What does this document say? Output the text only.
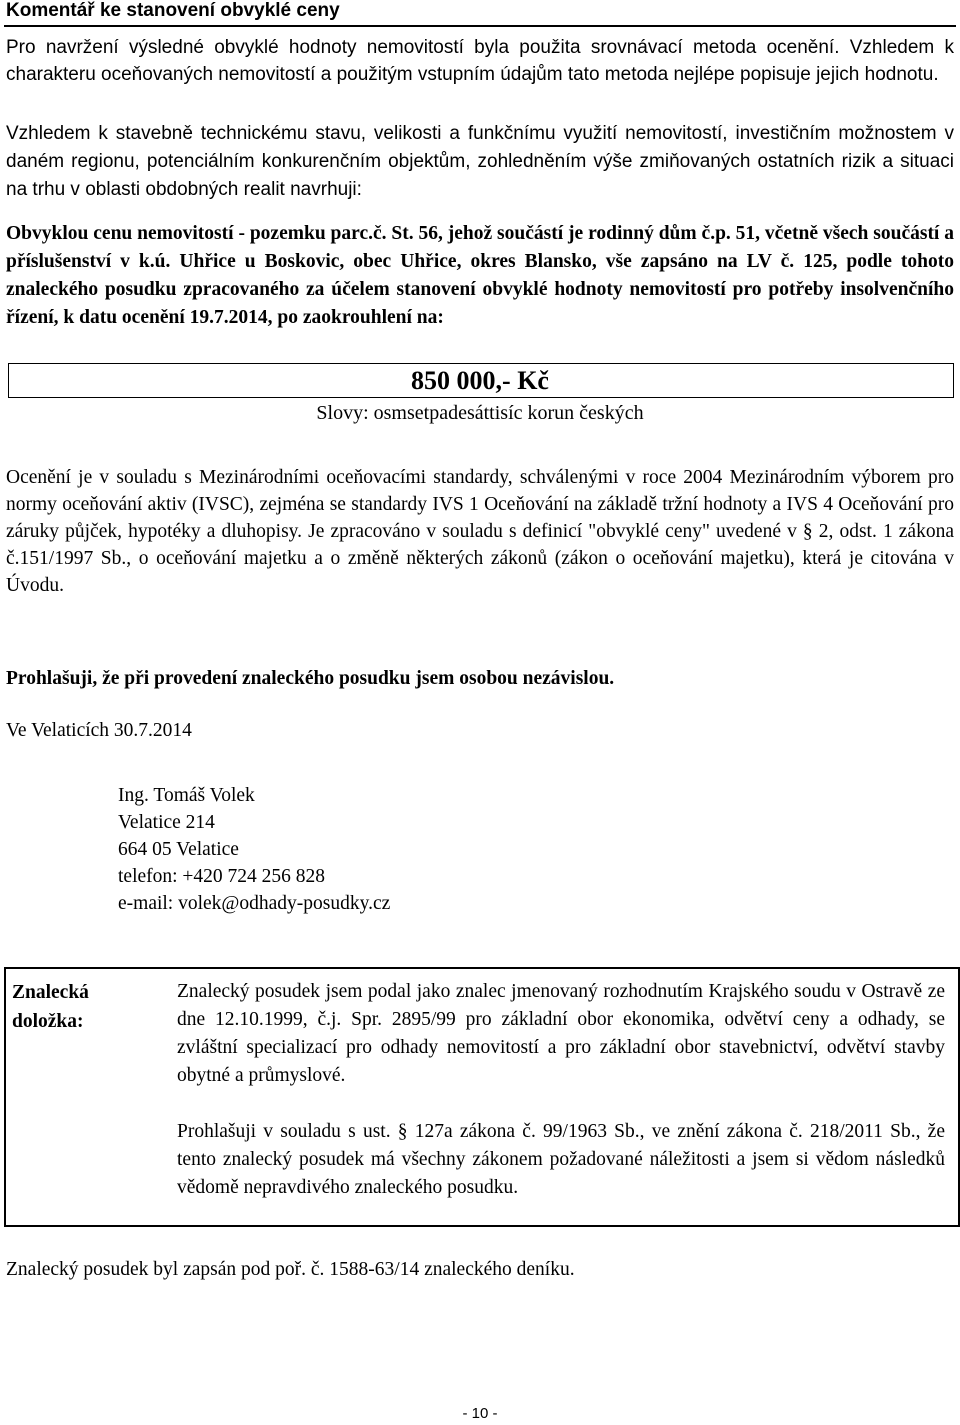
Komentář ke stanovení obvyklé ceny
Pro navržení výsledné obvyklé hodnoty nemovitostí byla použita srovnávací metoda ocenění. Vzhledem k charakteru oceňovaných nemovitostí a použitým vstupním údajům tato metoda nejlépe popisuje jejich hodnotu.
Vzhledem k stavebně technickému stavu, velikosti a funkčnímu využití nemovitostí, investičním možnostem v daném regionu, potenciálním konkurenčním objektům, zohledněním výše zmiňovaných ostatních rizik a situaci na trhu v oblasti obdobných realit navrhuji:
Obvyklou cenu nemovitostí - pozemku parc.č. St. 56, jehož součástí je rodinný dům č.p. 51, včetně všech součástí a příslušenství v k.ú. Uhřice u Boskovic, obec Uhřice, okres Blansko, vše zapsáno na LV č. 125, podle tohoto znaleckého posudku zpracovaného za účelem stanovení obvyklé hodnoty nemovitostí pro potřeby insolvenčního řízení, k datu ocenění 19.7.2014, po zaokrouhlení na:
850 000,- Kč
Slovy: osmsetpadesáttisíc korun českých
Ocenění je v souladu s Mezinárodními oceňovacími standardy, schválenými v roce 2004 Mezinárodním výborem pro normy oceňování aktiv (IVSC), zejména se standardy IVS 1 Oceňování na základě tržní hodnoty a IVS 4 Oceňování pro záruky půjček, hypotéky a dluhopisy. Je zpracováno v souladu s definicí "obvyklé ceny" uvedené v § 2, odst. 1 zákona č.151/1997 Sb., o oceňování majetku a o změně některých zákonů (zákon o oceňování majetku), která je citována v Úvodu.
Prohlašuji, že při provedení znaleckého posudku jsem osobou nezávislou.
Ve Velaticích 30.7.2014
Ing. Tomáš Volek
Velatice 214
664 05 Velatice
telefon: +420 724 256 828
e-mail: volek@odhady-posudky.cz
Znalecká
doložka:
Znalecký posudek jsem podal jako znalec jmenovaný rozhodnutím Krajského soudu v Ostravě ze dne 12.10.1999, č.j. Spr. 2895/99 pro základní obor ekonomika, odvětví ceny a odhady, se zvláštní specializací pro odhady nemovitostí a pro základní obor stavebnictví, odvětví stavby obytné a průmyslové.
Prohlašuji v souladu s ust. § 127a zákona č. 99/1963 Sb., ve znění zákona č. 218/2011 Sb., že tento znalecký posudek má všechny zákonem požadované náležitosti a jsem si vědom následků vědomě nepravdivého znaleckého posudku.
Znalecký posudek byl zapsán pod poř. č. 1588-63/14 znaleckého deníku.
- 10 -
